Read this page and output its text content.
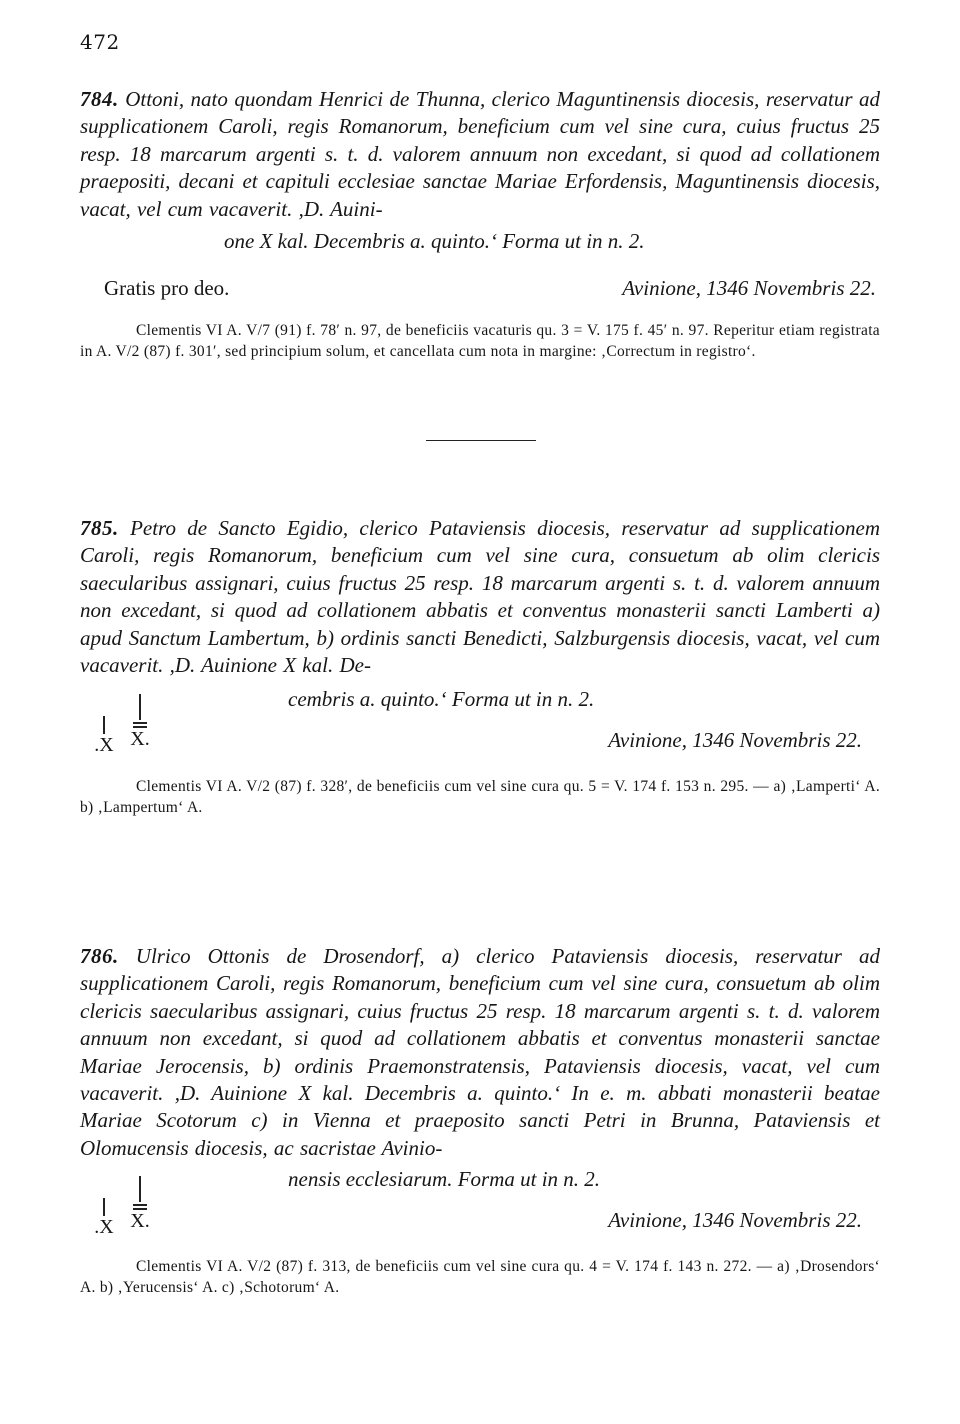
472

784. Ottoni, nato quondam Henrici de Thunna, clerico Maguntinensis diocesis, reservatur ad supplicationem Caroli, regis Romanorum, beneficium cum vel sine cura, cuius fructus 25 resp. 18 marcarum argenti s. t. d. valorem annuum non excedant, si quod ad collationem praepositi, decani et capituli ecclesiae sanctae Mariae Erfordensis, Maguntinensis diocesis, vacat, vel cum vacaverit. ,D. Auini-

one X kal. Decembris a. quinto.‘ Forma ut in n. 2.
Gratis pro deo.	Avinione, 1346 Novembris 22.

Clementis VI A. V/7 (91) f. 78′ n. 97, de beneficiis vacaturis qu. 3 = V. 175 f. 45′ n. 97. Reperitur etiam registrata in A. V/2 (87) f. 301′, sed principium solum, et cancellata cum nota in margine: ‚Correctum in registro‘.

785. Petro de Sancto Egidio, clerico Pataviensis diocesis, reservatur ad supplicationem Caroli, regis Romanorum, beneficium cum vel sine cura, consuetum ab olim clericis saecularibus assignari, cuius fructus 25 resp. 18 marcarum argenti s. t. d. valorem annuum non excedant, si quod ad collationem abbatis et conventus monasterii sancti Lamberti a) apud Sanctum Lambertum, b) ordinis sancti Benedicti, Salzburgensis diocesis, vacat, vel cum vacaverit. ,D. Auinione X kal. De-

cembris a. quinto.‘ Forma ut in n. 2.
.X X.	Avinione, 1346 Novembris 22.

Clementis VI A. V/2 (87) f. 328′, de beneficiis cum vel sine cura qu. 5 = V. 174 f. 153 n. 295. — a) ‚Lamperti‘ A. b) ‚Lampertum‘ A.

786. Ulrico Ottonis de Drosendorf, a) clerico Pataviensis diocesis, reservatur ad supplicationem Caroli, regis Romanorum, beneficium cum vel sine cura, consuetum ab olim clericis saecularibus assignari, cuius fructus 25 resp. 18 marcarum argenti s. t. d. valorem annuum non excedant, si quod ad collationem abbatis et conventus monasterii sanctae Mariae Jerocensis, b) ordinis Praemonstratensis, Pataviensis diocesis, vacat, vel cum vacaverit. ,D. Auinione X kal. Decembris a. quinto.‘ In e. m. abbati monasterii beatae Mariae Scotorum c) in Vienna et praeposito sancti Petri in Brunna, Pataviensis et Olomucensis diocesis, ac sacristae Avinio-

nensis ecclesiarum. Forma ut in n. 2.
.X X.	Avinione, 1346 Novembris 22.

Clementis VI A. V/2 (87) f. 313, de beneficiis cum vel sine cura qu. 4 = V. 174 f. 143 n. 272. — a) ‚Drosendors‘ A. b) ‚Yerucensis‘ A. c) ‚Schotorum‘ A.
